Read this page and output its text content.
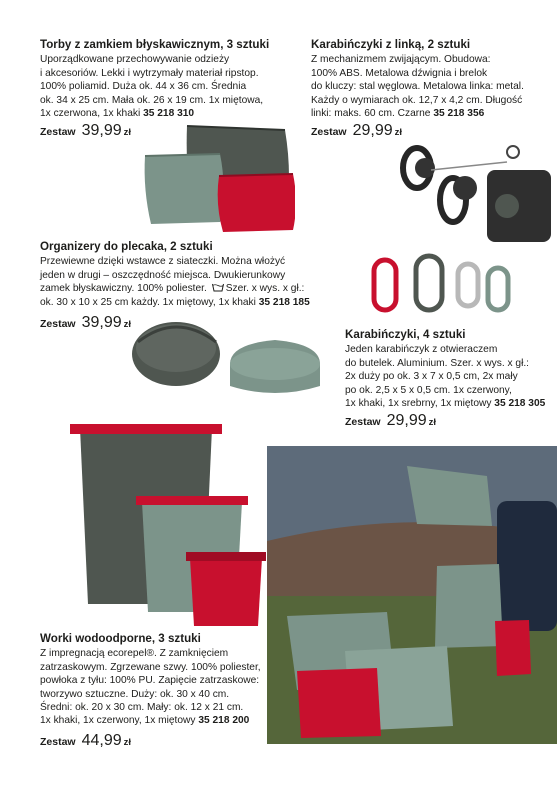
Torby z zamkiem błyskawicznym, 3 sztuki

Uporządkowane przechowywanie odzieży

i akcesoriów. Lekki i wytrzymały materiał ripstop.

100% poliamid. Duża ok. 44 x 36 cm. Średnia

ok. 34 x 25 cm. Mała ok. 26 x 19 cm. 1x miętowa,

1x czerwona, 1x khaki 35 218 310

Zestaw 39,99 zł
Karabińczyki z linką, 2 sztuki

Z mechanizmem zwijającym. Obudowa:

100% ABS. Metalowa dźwignia i brelok

do kluczy: stal węglowa. Metalowa linka: metal.

Każdy o wymiarach ok. 12,7 x 4,2 cm. Długość

linki: maks. 60 cm. Czarne 35 218 356

Zestaw 29,99 zł
Organizery do plecaka, 2 sztuki

Przewiewne dzięki wstawce z siateczki. Można włożyć

jeden w drugi – oszczędność miejsca. Dwukierunkowy

zamek błyskawiczny. 100% poliester. Szer. x wys. x gł.:

ok. 30 x 10 x 25 cm każdy. 1x miętowy, 1x khaki 35 218 185

Zestaw 39,99 zł
Karabińczyki, 4 sztuki

Jeden karabińczyk z otwieraczem

do butelek. Aluminium. Szer. x wys. x gł.:

2x duży po ok. 3 x 7 x 0,5 cm, 2x mały

po ok. 2,5 x 5 x 0,5 cm. 1x czerwony,

1x khaki, 1x srebrny, 1x miętowy 35 218 305

Zestaw 29,99 zł
Worki wodoodporne, 3 sztuki

Z impregnacją ecorepel®. Z zamknięciem

zatrzaskowym. Zgrzewane szwy. 100% poliester,

powłoka z tyłu: 100% PU. Zapięcie zatrzaskowe:

tworzywo sztuczne. Duży: ok. 30 x 40 cm.

Średni: ok. 20 x 30 cm. Mały: ok. 12 x 21 cm.

1x khaki, 1x czerwony, 1x miętowy 35 218 200

Zestaw 44,99 zł
